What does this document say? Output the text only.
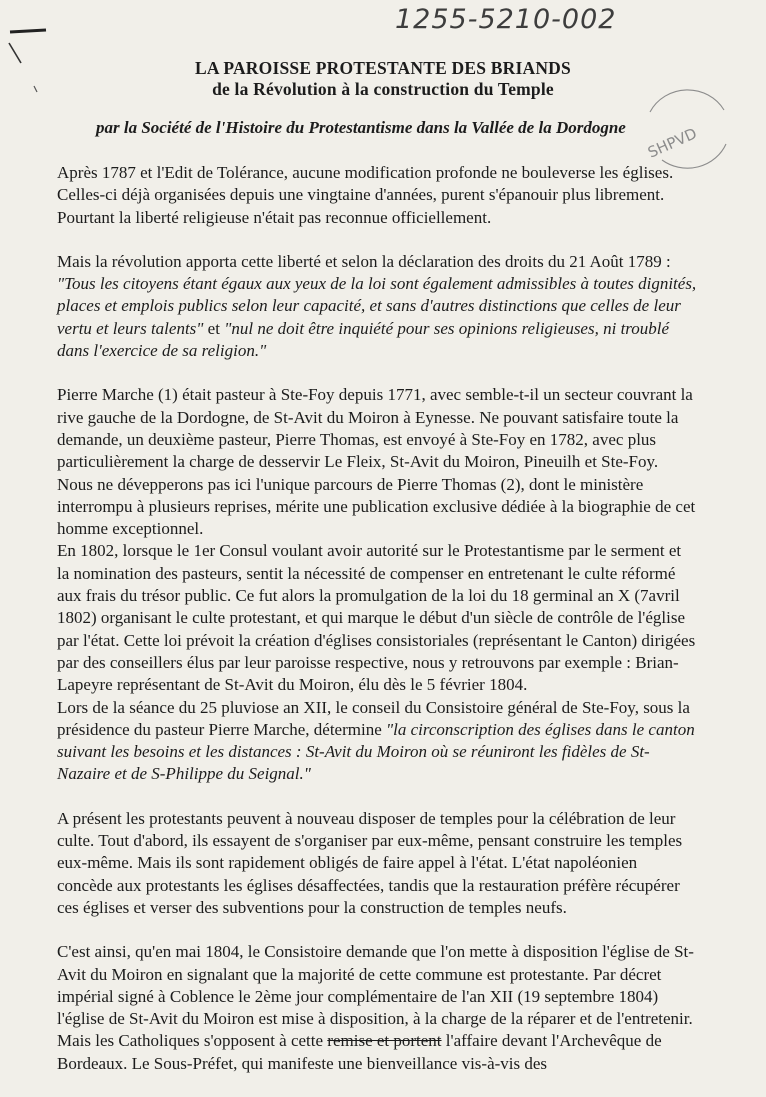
1255-5210-002
LA PAROISSE PROTESTANTE DES BRIANDS
de la Révolution à la construction du Temple
par la Société de l'Histoire du Protestantisme dans la Vallée de la Dordogne	SHPVD

Après 1787 et l'Edit de Tolérance, aucune modification profonde ne bouleverse les églises. Celles-ci déjà organisées depuis une vingtaine d'années, purent s'épanouir plus librement. Pourtant la liberté religieuse n'était pas reconnue officiellement.

Mais la révolution apporta cette liberté et selon la déclaration des droits du 21 Août 1789 : "Tous les citoyens étant égaux aux yeux de la loi sont également admissibles à toutes dignités, places et emplois publics selon leur capacité, et sans d'autres distinctions que celles de leur vertu et leurs talents" et "nul ne doit être inquiété pour ses opinions religieuses, ni troublé dans l'exercice de sa religion."

Pierre Marche (1) était pasteur à Ste-Foy depuis 1771, avec semble-t-il un secteur couvrant la rive gauche de la Dordogne, de St-Avit du Moiron à Eynesse. Ne pouvant satisfaire toute la demande, un deuxième pasteur, Pierre Thomas, est envoyé à Ste-Foy en 1782, avec plus particulièrement la charge de desservir Le Fleix, St-Avit du Moiron, Pineuilh et Ste-Foy.

Nous ne dévepperons pas ici l'unique parcours de Pierre Thomas (2), dont le ministère interrompu à plusieurs reprises, mérite une publication exclusive dédiée à la biographie de cet homme exceptionnel.

En 1802, lorsque le 1er Consul voulant avoir autorité sur le Protestantisme par le serment et la nomination des pasteurs, sentit la nécessité de compenser en entretenant le culte réformé aux frais du trésor public. Ce fut alors la promulgation de la loi du 18 germinal an X (7avril 1802) organisant le culte protestant, et qui marque le début d'un siècle de contrôle de l'église par l'état. Cette loi prévoit la création d'églises consistoriales (représentant le Canton) dirigées par des conseillers élus par leur paroisse respective, nous y retrouvons par exemple : Brian-Lapeyre représentant de St-Avit du Moiron, élu dès le 5 février 1804.

Lors de la séance du 25 pluviose an XII, le conseil du Consistoire général de Ste-Foy, sous la présidence du pasteur Pierre Marche, détermine "la circonscription des églises dans le canton suivant les besoins et les distances : St-Avit du Moiron où se réuniront les fidèles de St-Nazaire et de S-Philippe du Seignal."

A présent les protestants peuvent à nouveau disposer de temples pour la célébration de leur culte. Tout d'abord, ils essayent de s'organiser par eux-même, pensant construire les temples eux-même. Mais ils sont rapidement obligés de faire appel à l'état. L'état napoléonien concède aux protestants les églises désaffectées, tandis que la restauration préfère récupérer ces églises et verser des subventions pour la construction de temples neufs.

C'est ainsi, qu'en mai 1804, le Consistoire demande que l'on mette à disposition l'église de St-Avit du Moiron en signalant que la majorité de cette commune est protestante. Par décret impérial signé à Coblence le 2ème jour complémentaire de l'an XII (19 septembre 1804) l'église de St-Avit du Moiron est mise à disposition, à la charge de la réparer et de l'entretenir. Mais les Catholiques s'opposent à cette remise et portent l'affaire devant l'Archevêque de Bordeaux. Le Sous-Préfet, qui manifeste une bienveillance vis-à-vis des
